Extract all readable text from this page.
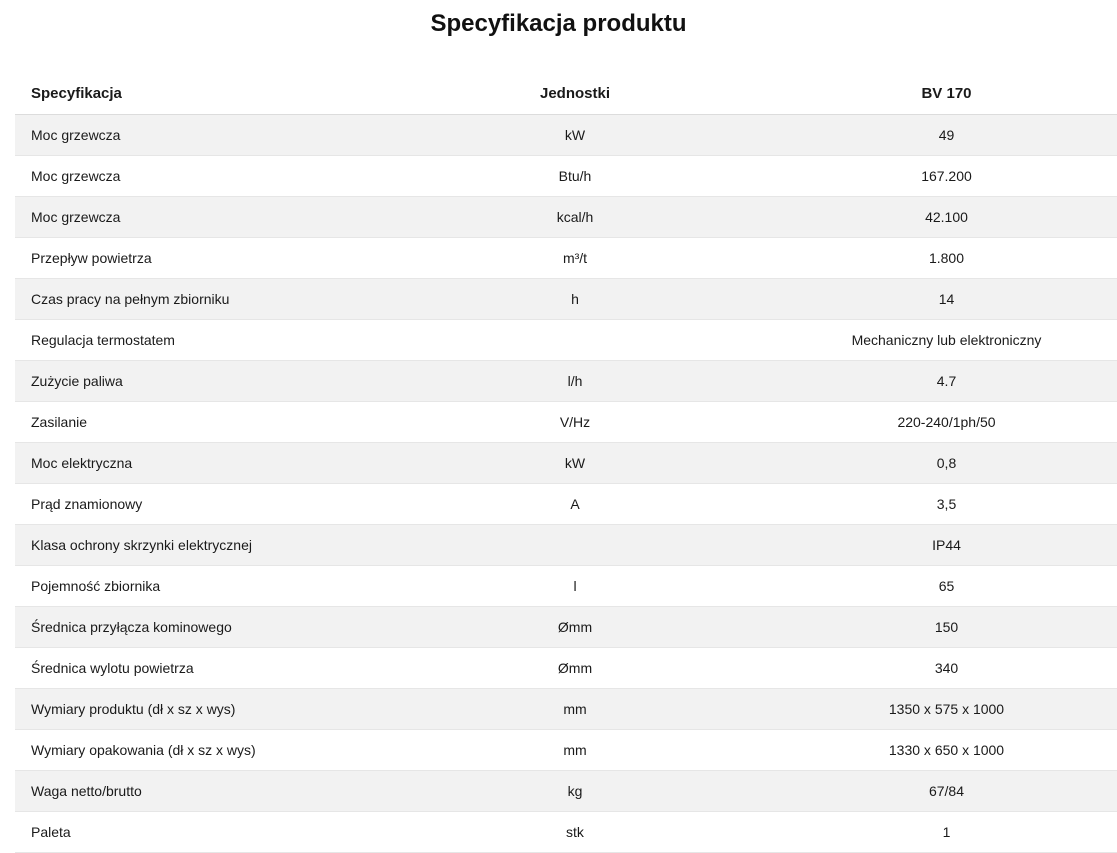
Specyfikacja produktu
Specyfikacja	Jednostki	BV 170
Moc grzewcza	kW	49
Moc grzewcza	Btu/h	167.200
Moc grzewcza	kcal/h	42.100
Przepływ powietrza	m³/t	1.800
Czas pracy na pełnym zbiorniku	h	14
Regulacja termostatem		Mechaniczny lub elektroniczny
Zużycie paliwa	l/h	4.7
Zasilanie	V/Hz	220-240/1ph/50
Moc elektryczna	kW	0,8
Prąd znamionowy	A	3,5
Klasa ochrony skrzynki elektrycznej		IP44
Pojemność zbiornika	l	65
Średnica przyłącza kominowego	Ømm	150
Średnica wylotu powietrza	Ømm	340
Wymiary produktu (dł x sz x wys)	mm	1350 x 575 x 1000
Wymiary opakowania (dł x sz x wys)	mm	1330 x 650 x 1000
Waga netto/brutto	kg	67/84
Paleta	stk	1
